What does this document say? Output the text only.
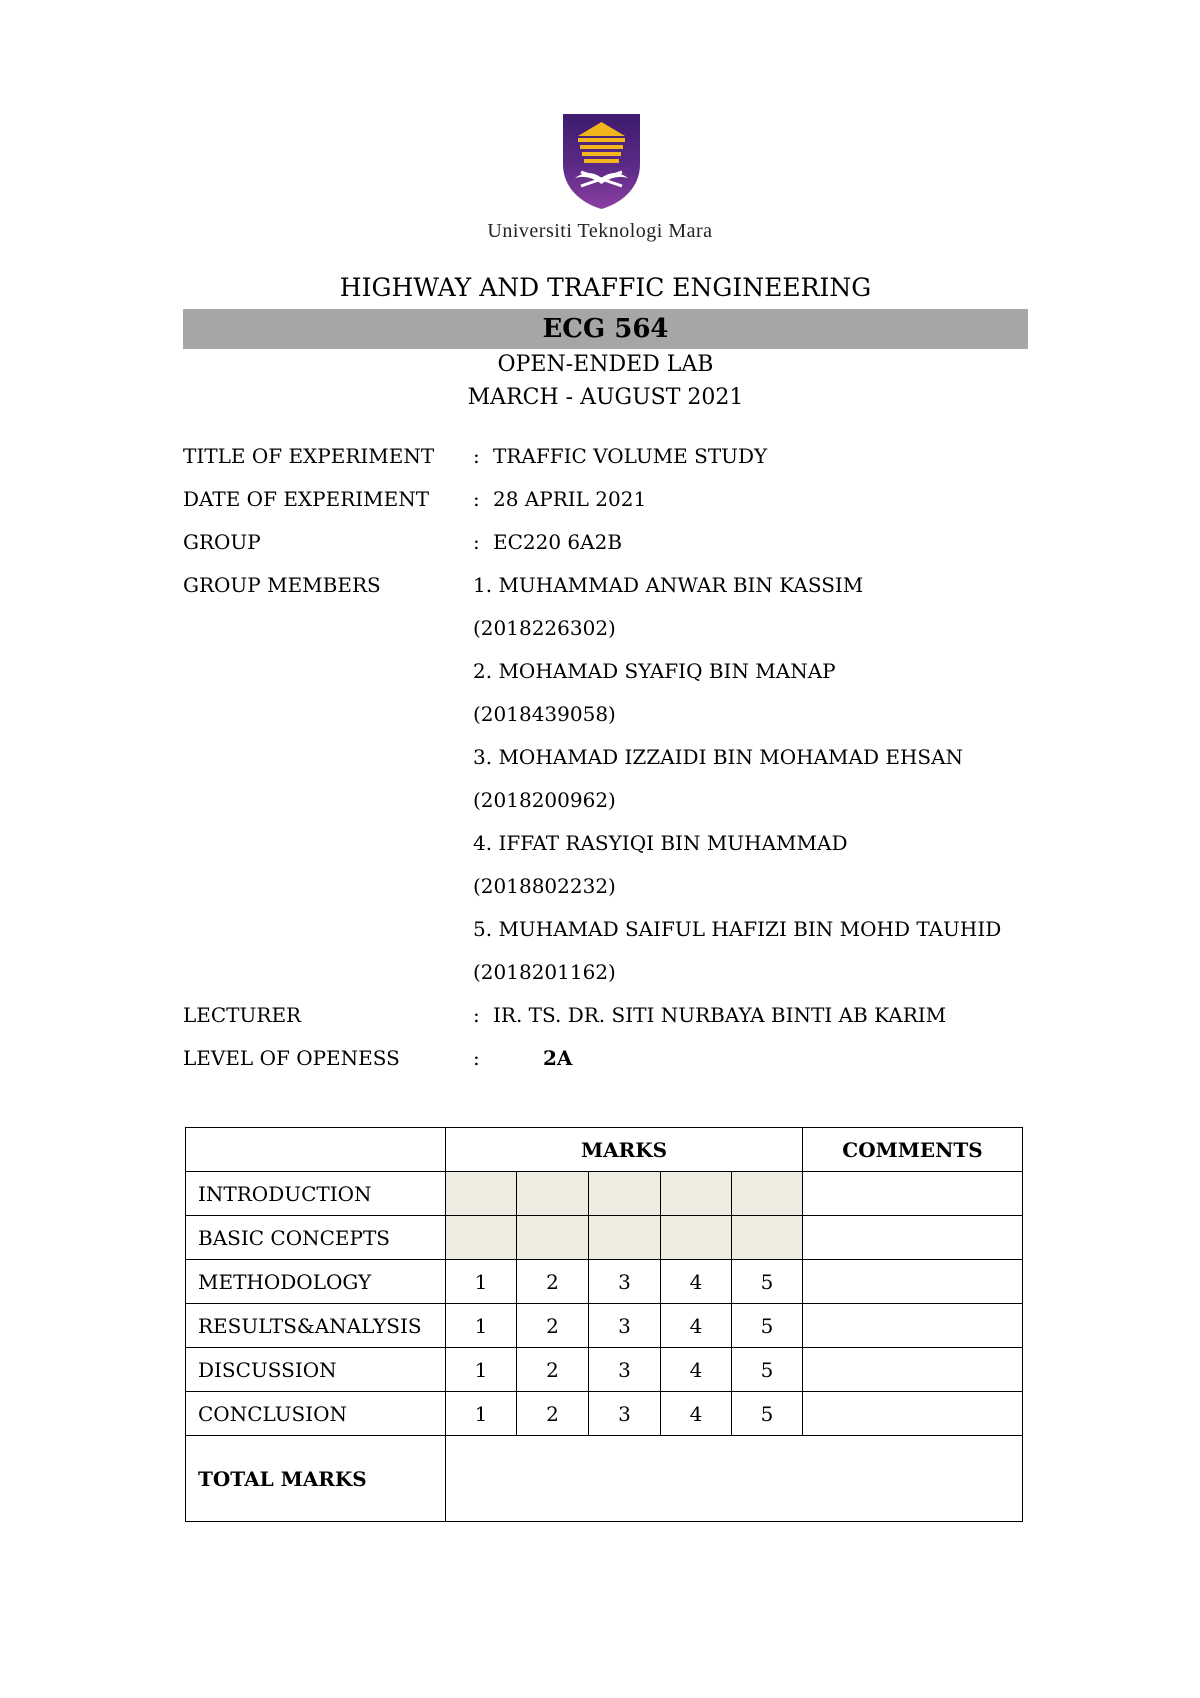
Universiti Teknologi Mara
HIGHWAY AND TRAFFIC ENGINEERING
ECG 564
OPEN-ENDED LAB
MARCH - AUGUST 2021
TITLE OF EXPERIMENT : TRAFFIC VOLUME STUDY
DATE OF EXPERIMENT : 28 APRIL 2021
GROUP	: EC220 6A2B
GROUP MEMBERS	1. MUHAMMAD ANWAR BIN KASSIM
(2018226302)
2. MOHAMAD SYAFIQ BIN MANAP
(2018439058)
3. MOHAMAD IZZAIDI BIN MOHAMAD EHSAN
(2018200962)
4. IFFAT RASYIQI BIN MUHAMMAD
(2018802232)
5. MUHAMAD SAIFUL HAFIZI BIN MOHD TAUHID
(2018201162)
LECTURER	: IR. TS. DR. SITI NURBAYA BINTI AB KARIM
LEVEL OF OPENESS	:	2A
	MARKS					COMMENTS
INTRODUCTION						
BASIC CONCEPTS						
METHODOLOGY	1	2	3	4	5	
RESULTS&ANALYSIS	1	2	3	4	5	
DISCUSSION	1	2	3	4	5	
CONCLUSION	1	2	3	4	5	
TOTAL MARKS						
